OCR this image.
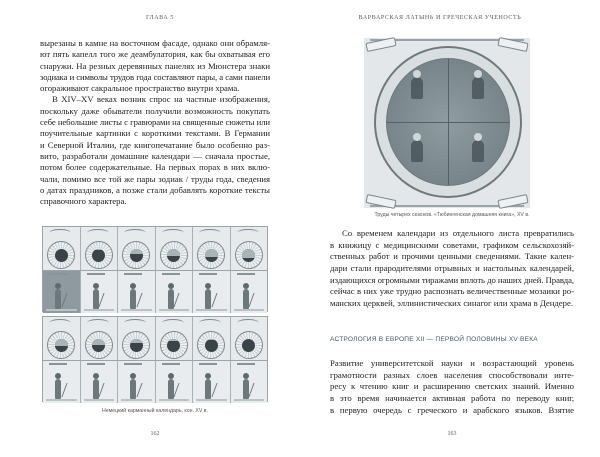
ГЛАВА 5

вырезаны в камне на восточном фасаде, однако они обрамля-
ют пять капелл того же деамбулатория, как бы охватывая его
снаружи. На резных деревянных панелях из Мюнстера знаки
зодиака и символы трудов года составляют пары, а сами панели
огораживают сакральное пространство внутри храма.

В XIV–XV веках возник спрос на частные изображения,
поскольку даже обыватели получили возможность покупать
себе небольшие листы с гравюрами на священные сюжеты или
поучительные картинки с короткими текстами. В Германии
и Северной Италии, где книгопечатание было особенно раз-
вито, разработали домашние календари — сначала простые,
потом более содержательные. На первых порах в них вклю-
чали, помимо все той же пары зодиак / труды года, сведения
о датах праздников, а позже стали добавлять короткие тексты
справочного характера.

Немецкий карманный календарь, кон. XV в.
162
ВАРВАРСКАЯ ЛАТЫНЬ И ГРЕЧЕСКАЯ УЧЕНОСТЬ
Труды четырех сезонов. «Тюбингенская домашняя книга», XV в.

Со временем календари из отдельного листа превратились
в книжицу с медицинскими советами, графиком сельскохозяй-
ственных работ и прочими ценными сведениями. Такие кален-
дари стали прародителями отрывных и настольных календарей,
издающихся огромными тиражами вплоть до наших дней. Правда,
сейчас в них уже трудно распознать величественные мозаики ро-
манских церквей, эллинистических синагог или храма в Дендере.

АСТРОЛОГИЯ В ЕВРОПЕ XII — ПЕРВОЙ ПОЛОВИНЫ XV ВЕКА

Развитие университетской науки и возрастающий уровень
грамотности разных слоев населения способствовали инте-
ресу к чтению книг и расширению светских знаний. Именно
в это время начинается активная работа по переводу книг,
в первую очередь с греческого и арабского языков. Взятие

163
